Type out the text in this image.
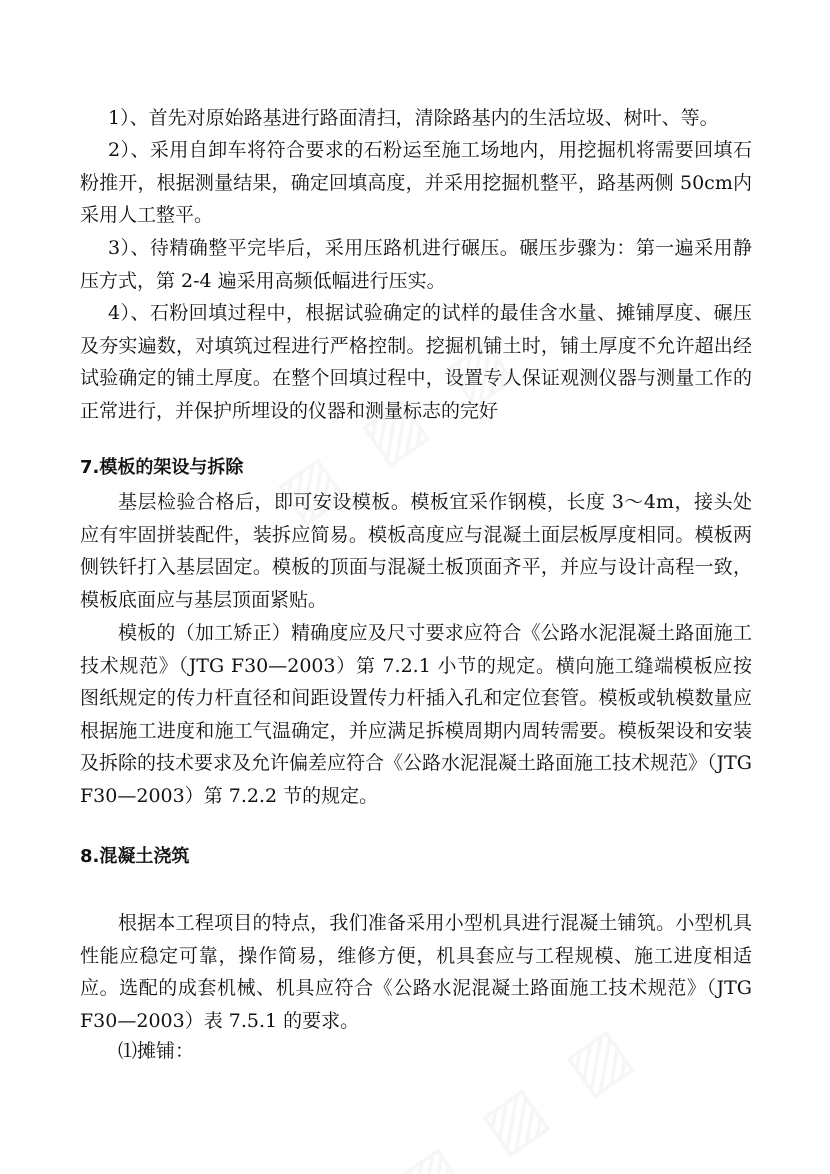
1）、首先对原始路基进行路面清扫，清除路基内的生活垃圾、树叶、等。

2）、采用自卸车将符合要求的石粉运至施工场地内，用挖掘机将需要回填石粉推开，根据测量结果，确定回填高度，并采用挖掘机整平，路基两侧 50cm内采用人工整平。

3）、待精确整平完毕后，采用压路机进行碾压。碾压步骤为：第一遍采用静压方式，第 2-4 遍采用高频低幅进行压实。

4）、石粉回填过程中，根据试验确定的试样的最佳含水量、摊铺厚度、碾压及夯实遍数，对填筑过程进行严格控制。挖掘机铺土时，铺土厚度不允许超出经试验确定的铺土厚度。在整个回填过程中，设置专人保证观测仪器与测量工作的正常进行，并保护所埋设的仪器和测量标志的完好

7.模板的架设与拆除

基层检验合格后，即可安设模板。模板宜采作钢模，长度 3～4m，接头处应有牢固拼装配件，装拆应简易。模板高度应与混凝土面层板厚度相同。模板两侧铁钎打入基层固定。模板的顶面与混凝土板顶面齐平，并应与设计高程一致，模板底面应与基层顶面紧贴。

模板的（加工矫正）精确度应及尺寸要求应符合《公路水泥混凝土路面施工技术规范》（JTG F30—2003）第 7.2.1 小节的规定。横向施工缝端模板应按图纸规定的传力杆直径和间距设置传力杆插入孔和定位套管。模板或轨模数量应根据施工进度和施工气温确定，并应满足拆模周期内周转需要。模板架设和安装及拆除的技术要求及允许偏差应符合《公路水泥混凝土路面施工技术规范》（JTG F30—2003）第 7.2.2 节的规定。

8.混凝土浇筑

根据本工程项目的特点，我们准备采用小型机具进行混凝土铺筑。小型机具性能应稳定可靠，操作简易，维修方便，机具套应与工程规模、施工进度相适应。选配的成套机械、机具应符合《公路水泥混凝土路面施工技术规范》（JTG F30—2003）表 7.5.1 的要求。

⑴摊铺：
